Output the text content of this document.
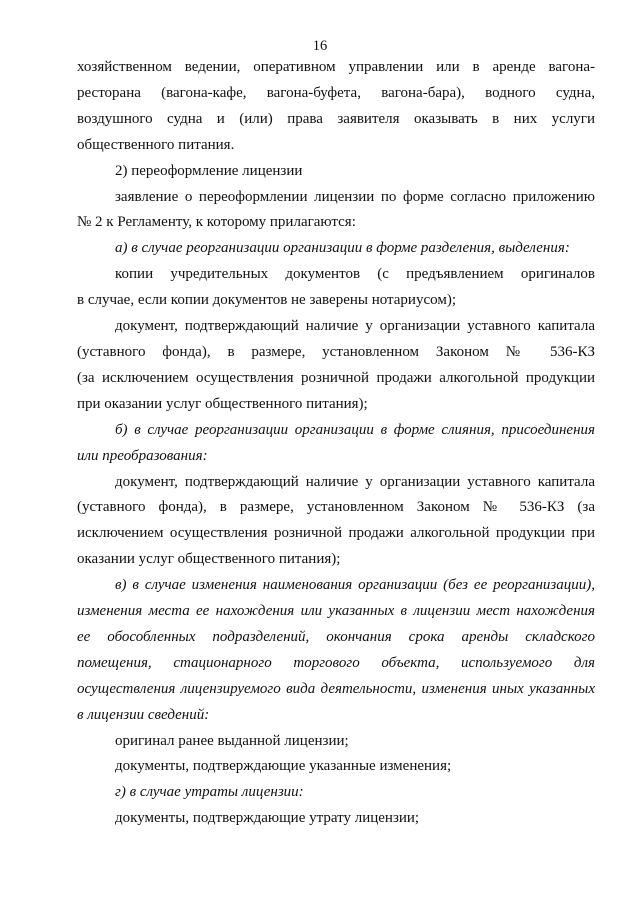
16

хозяйственном ведении, оперативном управлении или в аренде вагона-

ресторана (вагона-кафе, вагона-буфета, вагона-бара), водного судна,

воздушного судна и (или) права заявителя оказывать в них услуги

общественного питания.

2) переоформление лицензии

заявление о переоформлении лицензии по форме согласно приложению

№ 2 к Регламенту, к которому прилагаются:

а) в случае реорганизации организации в форме разделения, выделения:

копии учредительных документов (с предъявлением оригиналов

в случае, если копии документов не заверены нотариусом);

документ, подтверждающий наличие у организации уставного капитала

(уставного фонда), в размере, установленном Законом № 536-КЗ

(за исключением осуществления розничной продажи алкогольной продукции

при оказании услуг общественного питания);

б) в случае реорганизации организации в форме слияния, присоединения

или преобразования:

документ, подтверждающий наличие у организации уставного капитала

(уставного фонда), в размере, установленном Законом № 536-КЗ (за

исключением осуществления розничной продажи алкогольной продукции при

оказании услуг общественного питания);

в) в случае изменения наименования организации (без ее реорганизации),

изменения места ее нахождения или указанных в лицензии мест нахождения

ее обособленных подразделений, окончания срока аренды складского

помещения, стационарного торгового объекта, используемого для

осуществления лицензируемого вида деятельности, изменения иных указанных

в лицензии сведений:

оригинал ранее выданной лицензии;

документы, подтверждающие указанные изменения;

г) в случае утраты лицензии:

документы, подтверждающие утрату лицензии;
